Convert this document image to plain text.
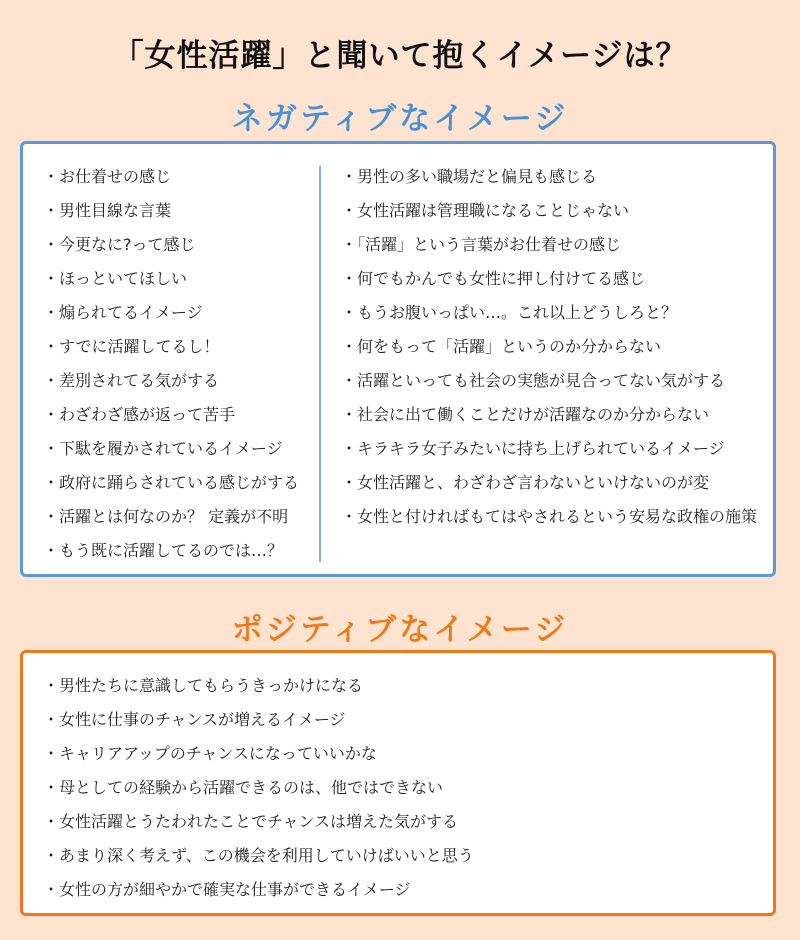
「女性活躍」と聞いて抱くイメージは？
ネガティブなイメージ
・お仕着せの感じ
・男性目線な言葉
・今更なに?って感じ
・ほっといてほしい
・煽られてるイメージ
・すでに活躍してるし！
・差別されてる気がする
・わざわざ感が返って苦手
・下駄を履かされているイメージ
・政府に踊らされている感じがする
・活躍とは何なのか？ 定義が不明
・もう既に活躍してるのでは…？
・男性の多い職場だと偏見も感じる
・女性活躍は管理職になることじゃない
・「活躍」という言葉がお仕着せの感じ
・何でもかんでも女性に押し付けてる感じ
・もうお腹いっぱい…。これ以上どうしろと？
・何をもって「活躍」というのか分からない
・活躍といっても社会の実態が見合ってない気がする
・社会に出て働くことだけが活躍なのか分からない
・キラキラ女子みたいに持ち上げられているイメージ
・女性活躍と、わざわざ言わないといけないのが変
・女性と付ければもてはやされるという安易な政権の施策
ポジティブなイメージ
・男性たちに意識してもらうきっかけになる
・女性に仕事のチャンスが増えるイメージ
・キャリアアップのチャンスになっていいかな
・母としての経験から活躍できるのは、他ではできない
・女性活躍とうたわれたことでチャンスは増えた気がする
・あまり深く考えず、この機会を利用していけばいいと思う
・女性の方が細やかで確実な仕事ができるイメージ
